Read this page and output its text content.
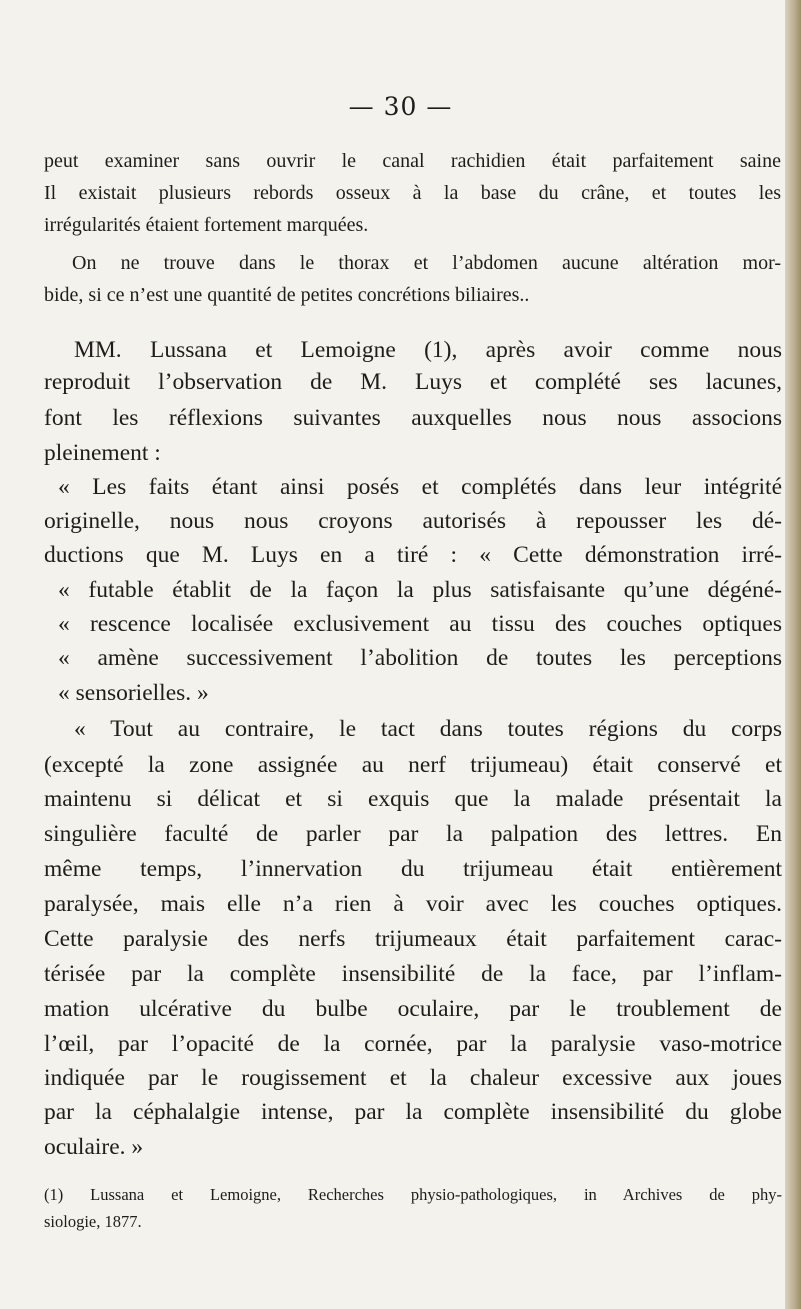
— 30 —
peut examiner sans ouvrir le canal rachidien était parfaitement saine
Il existait plusieurs rebords osseux à la base du crâne, et toutes les
irrégularités étaient fortement marquées.
On ne trouve dans le thorax et l’abdomen aucune altération mor-
bide, si ce n’est une quantité de petites concrétions biliaires..
MM. Lussana et Lemoigne (1), après avoir comme nous
reproduit l’observation de M. Luys et complété ses lacunes,
font les réflexions suivantes auxquelles nous nous associons
pleinement :
« Les faits étant ainsi posés et complétés dans leur intégrité
originelle, nous nous croyons autorisés à repousser les dé-
ductions que M. Luys en a tiré : « Cette démonstration irré-
« futable établit de la façon la plus satisfaisante qu’une dégéné-
« rescence localisée exclusivement au tissu des couches optiques
« amène successivement l’abolition de toutes les perceptions
« sensorielles. »
« Tout au contraire, le tact dans toutes régions du corps
(excepté la zone assignée au nerf trijumeau) était conservé et
maintenu si délicat et si exquis que la malade présentait la
singulière faculté de parler par la palpation des lettres. En
même temps, l’innervation du trijumeau était entièrement
paralysée, mais elle n’a rien à voir avec les couches optiques.
Cette paralysie des nerfs trijumeaux était parfaitement carac-
térisée par la complète insensibilité de la face, par l’inflam-
mation ulcérative du bulbe oculaire, par le troublement de
l’œil, par l’opacité de la cornée, par la paralysie vaso-motrice
indiquée par le rougissement et la chaleur excessive aux joues
par la céphalalgie intense, par la complète insensibilité du globe
oculaire. »
(1) Lussana et Lemoigne, Recherches physio-pathologiques, in Archives de phy-
siologie, 1877.
